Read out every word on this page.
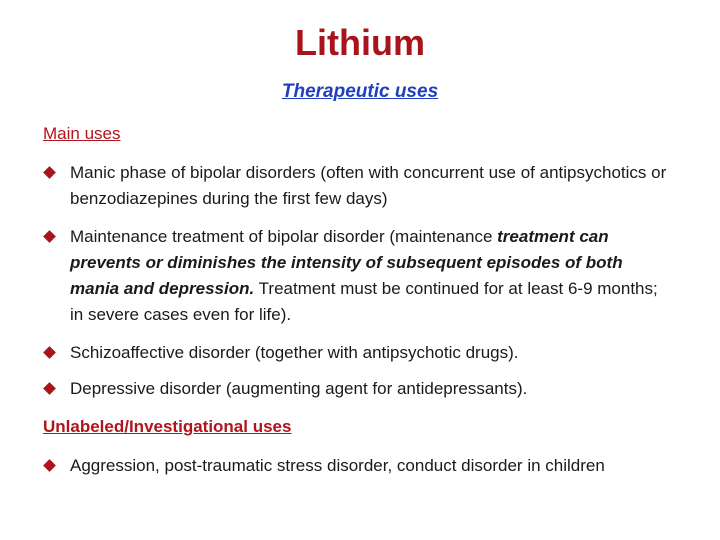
Lithium
Therapeutic uses
Main uses
Manic phase of bipolar disorders (often with concurrent use of antipsychotics or benzodiazepines during the first few days)
Maintenance treatment of bipolar disorder (maintenance treatment can prevents or diminishes the intensity of subsequent episodes of both mania and depression. Treatment must be continued for at least 6-9 months; in severe cases even for life).
Schizoaffective disorder (together with antipsychotic drugs).
Depressive disorder (augmenting agent for antidepressants).
Unlabeled/Investigational uses
Aggression, post-traumatic stress disorder, conduct disorder in children
